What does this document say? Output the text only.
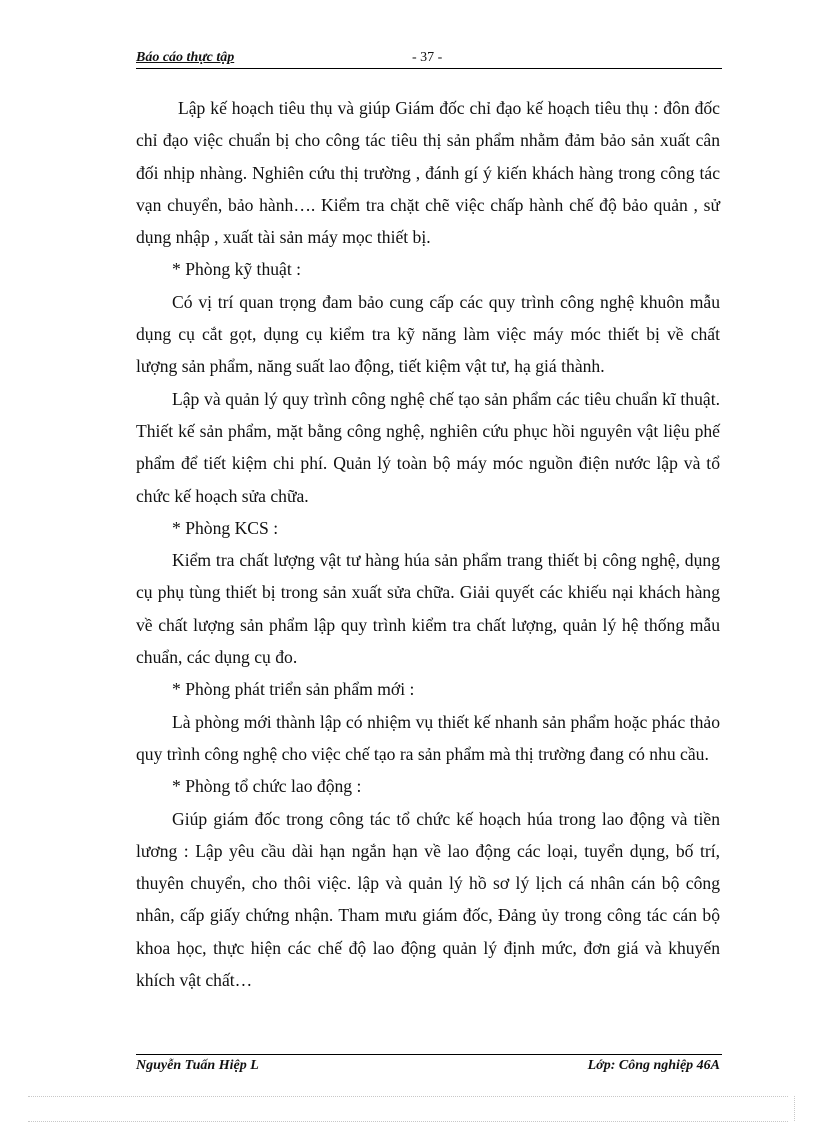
Báo cáo thực tập	- 37 -

Lập kế hoạch tiêu thụ và giúp Giám đốc chỉ đạo kế hoạch tiêu thụ : đôn đốc chỉ đạo việc chuẩn bị cho công tác tiêu thị sản phẩm nhằm đảm bảo sản xuất cân đối nhịp nhàng. Nghiên cứu thị trường , đánh gí ý kiến khách hàng trong công tác vạn chuyển, bảo hành…. Kiểm tra chặt chẽ việc chấp hành chế độ bảo quản , sử dụng nhập , xuất tài sản máy mọc thiết bị.

* Phòng kỹ thuật :

Có vị trí quan trọng đam bảo cung cấp các quy trình công nghệ khuôn mẫu dụng cụ cắt gọt, dụng cụ kiểm tra kỹ năng làm việc máy móc thiết bị về chất lượng sản phẩm, năng suất lao động, tiết kiệm vật tư, hạ giá thành.

Lập và quản lý quy trình công nghệ chế tạo sản phẩm các tiêu chuẩn kĩ thuật. Thiết kế sản phẩm, mặt bằng công nghệ, nghiên cứu phục hồi nguyên vật liệu phế phẩm để tiết kiệm chi phí. Quản lý toàn bộ máy móc nguồn điện nước lập và tổ chức kế hoạch sửa chữa.

* Phòng KCS :

Kiểm tra chất lượng vật tư hàng húa sản phẩm trang thiết bị công nghệ, dụng cụ phụ tùng thiết bị trong sản xuất sửa chữa. Giải quyết các khiếu nại khách hàng về chất lượng sản phẩm lập quy trình kiểm tra chất lượng, quản lý hệ thống mẫu chuẩn, các dụng cụ đo.

* Phòng phát triển sản phẩm mới :

Là phòng mới thành lập có nhiệm vụ thiết kế nhanh sản phẩm hoặc phác thảo quy trình công nghệ cho việc chế tạo ra sản phẩm mà thị trường đang có nhu cầu.

* Phòng tổ chức lao động :

Giúp giám đốc trong công tác tổ chức kế hoạch húa trong lao động và tiền lương : Lập yêu cầu dài hạn ngắn hạn về lao động các loại, tuyển dụng, bố trí, thuyên chuyển, cho thôi việc. lập và quản lý hồ sơ lý lịch cá nhân cán bộ công nhân, cấp giấy chứng nhận. Tham mưu giám đốc, Đảng ủy trong công tác cán bộ khoa học, thực hiện các chế độ lao động quản lý định mức, đơn giá và khuyến khích vật chất…

Nguyễn Tuấn Hiệp L	Lớp: Công nghiệp 46A
